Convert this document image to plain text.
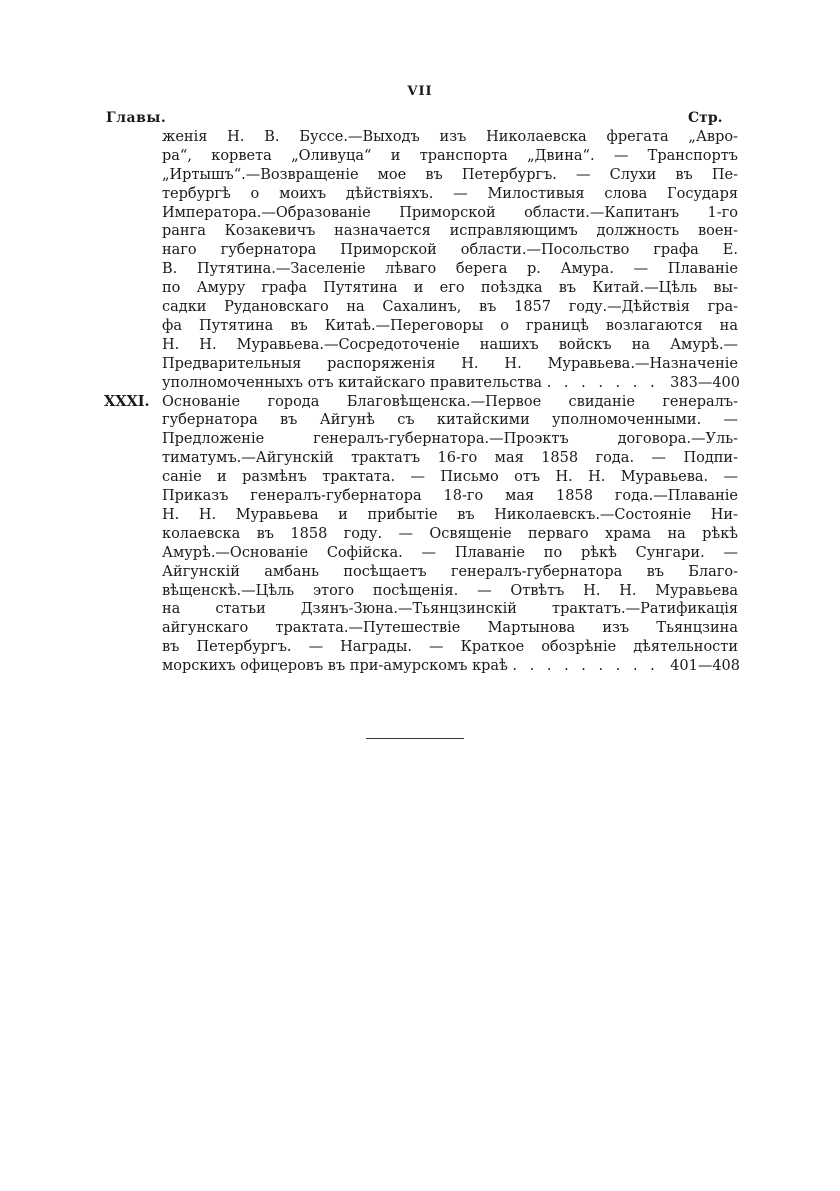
VII
Главы.	Стр.
женія Н. В. Буссе.—Выходъ изъ Николаевска фрегата „Авро-
ра“, корвета „Оливуца“ и транспорта „Двина“. — Транспортъ
„Иртышъ“.—Возвращеніе мое въ Петербургъ. — Слухи въ Пе-
тербургѣ о моихъ дѣйствіяхъ. — Милостивыя слова Государя
Императора.—Образованіе Приморской области.—Капитанъ 1-го
ранга Козакевичъ назначается исправляющимъ должность воен-
наго губернатора Приморской области.—Посольство графа Е.
В. Путятина.—Заселеніе лѣваго берега р. Амура. — Плаваніе
по Амуру графа Путятина и его поѣздка въ Китай.—Цѣль вы-
садки Рудановскаго на Сахалинъ, въ 1857 году.—Дѣйствія гра-
фа Путятина въ Китаѣ.—Переговоры о границѣ возлагаются на
Н. Н. Муравьева.—Сосредоточеніе нашихъ войскъ на Амурѣ.—
Предварительныя распоряженія Н. Н. Муравьева.—Назначеніе
уполномоченныхъ отъ китайскаго правительства . . . . . . . 383—400
XXXI. Основаніе города Благовѣщенска.—Первое свиданіе генералъ-
губернатора въ Айгунѣ съ китайскими уполномоченными. —
Предложеніе генералъ-губернатора.—Проэктъ договора.—Уль-
тиматумъ.—Айгунскій трактатъ 16-го мая 1858 года. — Подпи-
саніе и размѣнъ трактата. — Письмо отъ Н. Н. Муравьева. —
Приказъ генералъ-губернатора 18-го мая 1858 года.—Плаваніе
Н. Н. Муравьева и прибытіе въ Николаевскъ.—Состояніе Ни-
колаевска въ 1858 году. — Освященіе перваго храма на рѣкѣ
Амурѣ.—Основаніе Софійска. — Плаваніе по рѣкѣ Сунгари. —
Айгунскій амбань посѣщаетъ генералъ-губернатора въ Благо-
вѣщенскѣ.—Цѣль этого посѣщенія. — Отвѣтъ Н. Н. Муравьева
на статьи Дзянъ-Зюна.—Тьянцзинскій трактатъ.—Ратификація
айгунскаго трактата.—Путешествіе Мартынова изъ Тьянцзина
въ Петербургъ. — Награды. — Краткое обозрѣніе дѣятельности
морскихъ офицеровъ въ при-амурскомъ краѣ . . . . . . . . . 401—408
